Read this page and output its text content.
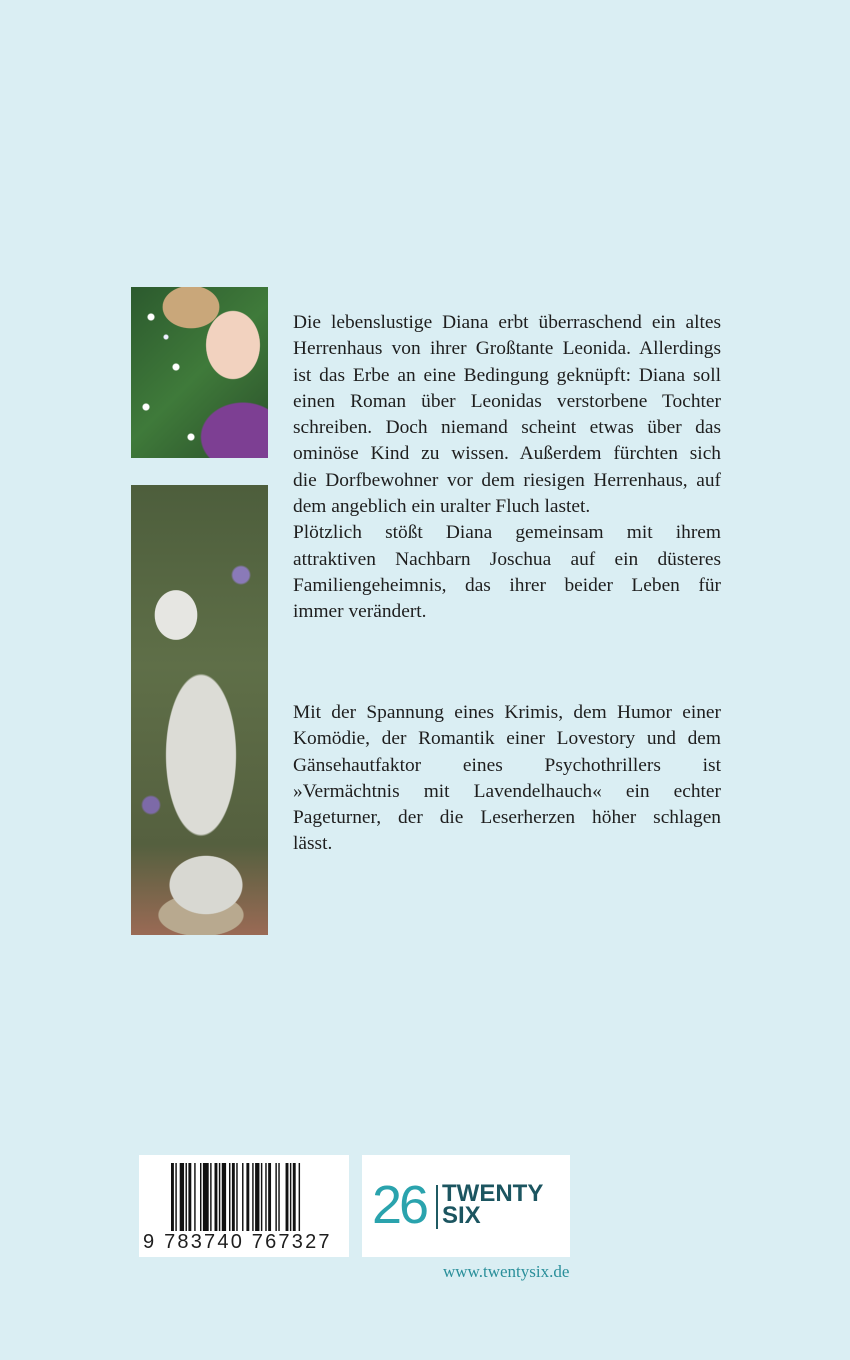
Die lebenslustige Diana erbt überraschend ein altes
Herrenhaus von ihrer Großtante Leonida. Allerdings
ist das Erbe an eine Bedingung geknüpft: Diana soll
einen Roman über Leonidas verstorbene Tochter
schreiben. Doch niemand scheint etwas über das
ominöse Kind zu wissen. Außerdem fürchten sich
die Dorfbewohner vor dem riesigen Herrenhaus, auf
dem angeblich ein uralter Fluch lastet.
Plötzlich stößt Diana gemeinsam mit ihrem
attraktiven Nachbarn Joschua auf ein düsteres
Familiengeheimnis, das ihrer beider Leben für
immer verändert.
Mit der Spannung eines Krimis, dem Humor einer
Komödie, der Romantik einer Lovestory und dem
Gänsehautfaktor eines Psychothrillers ist
»Vermächtnis mit Lavendelhauch« ein echter
Pageturner, der die Leserherzen höher schlagen
lässt.
9 783740 767327
26 TWENTY
SIX
www.twentysix.de
